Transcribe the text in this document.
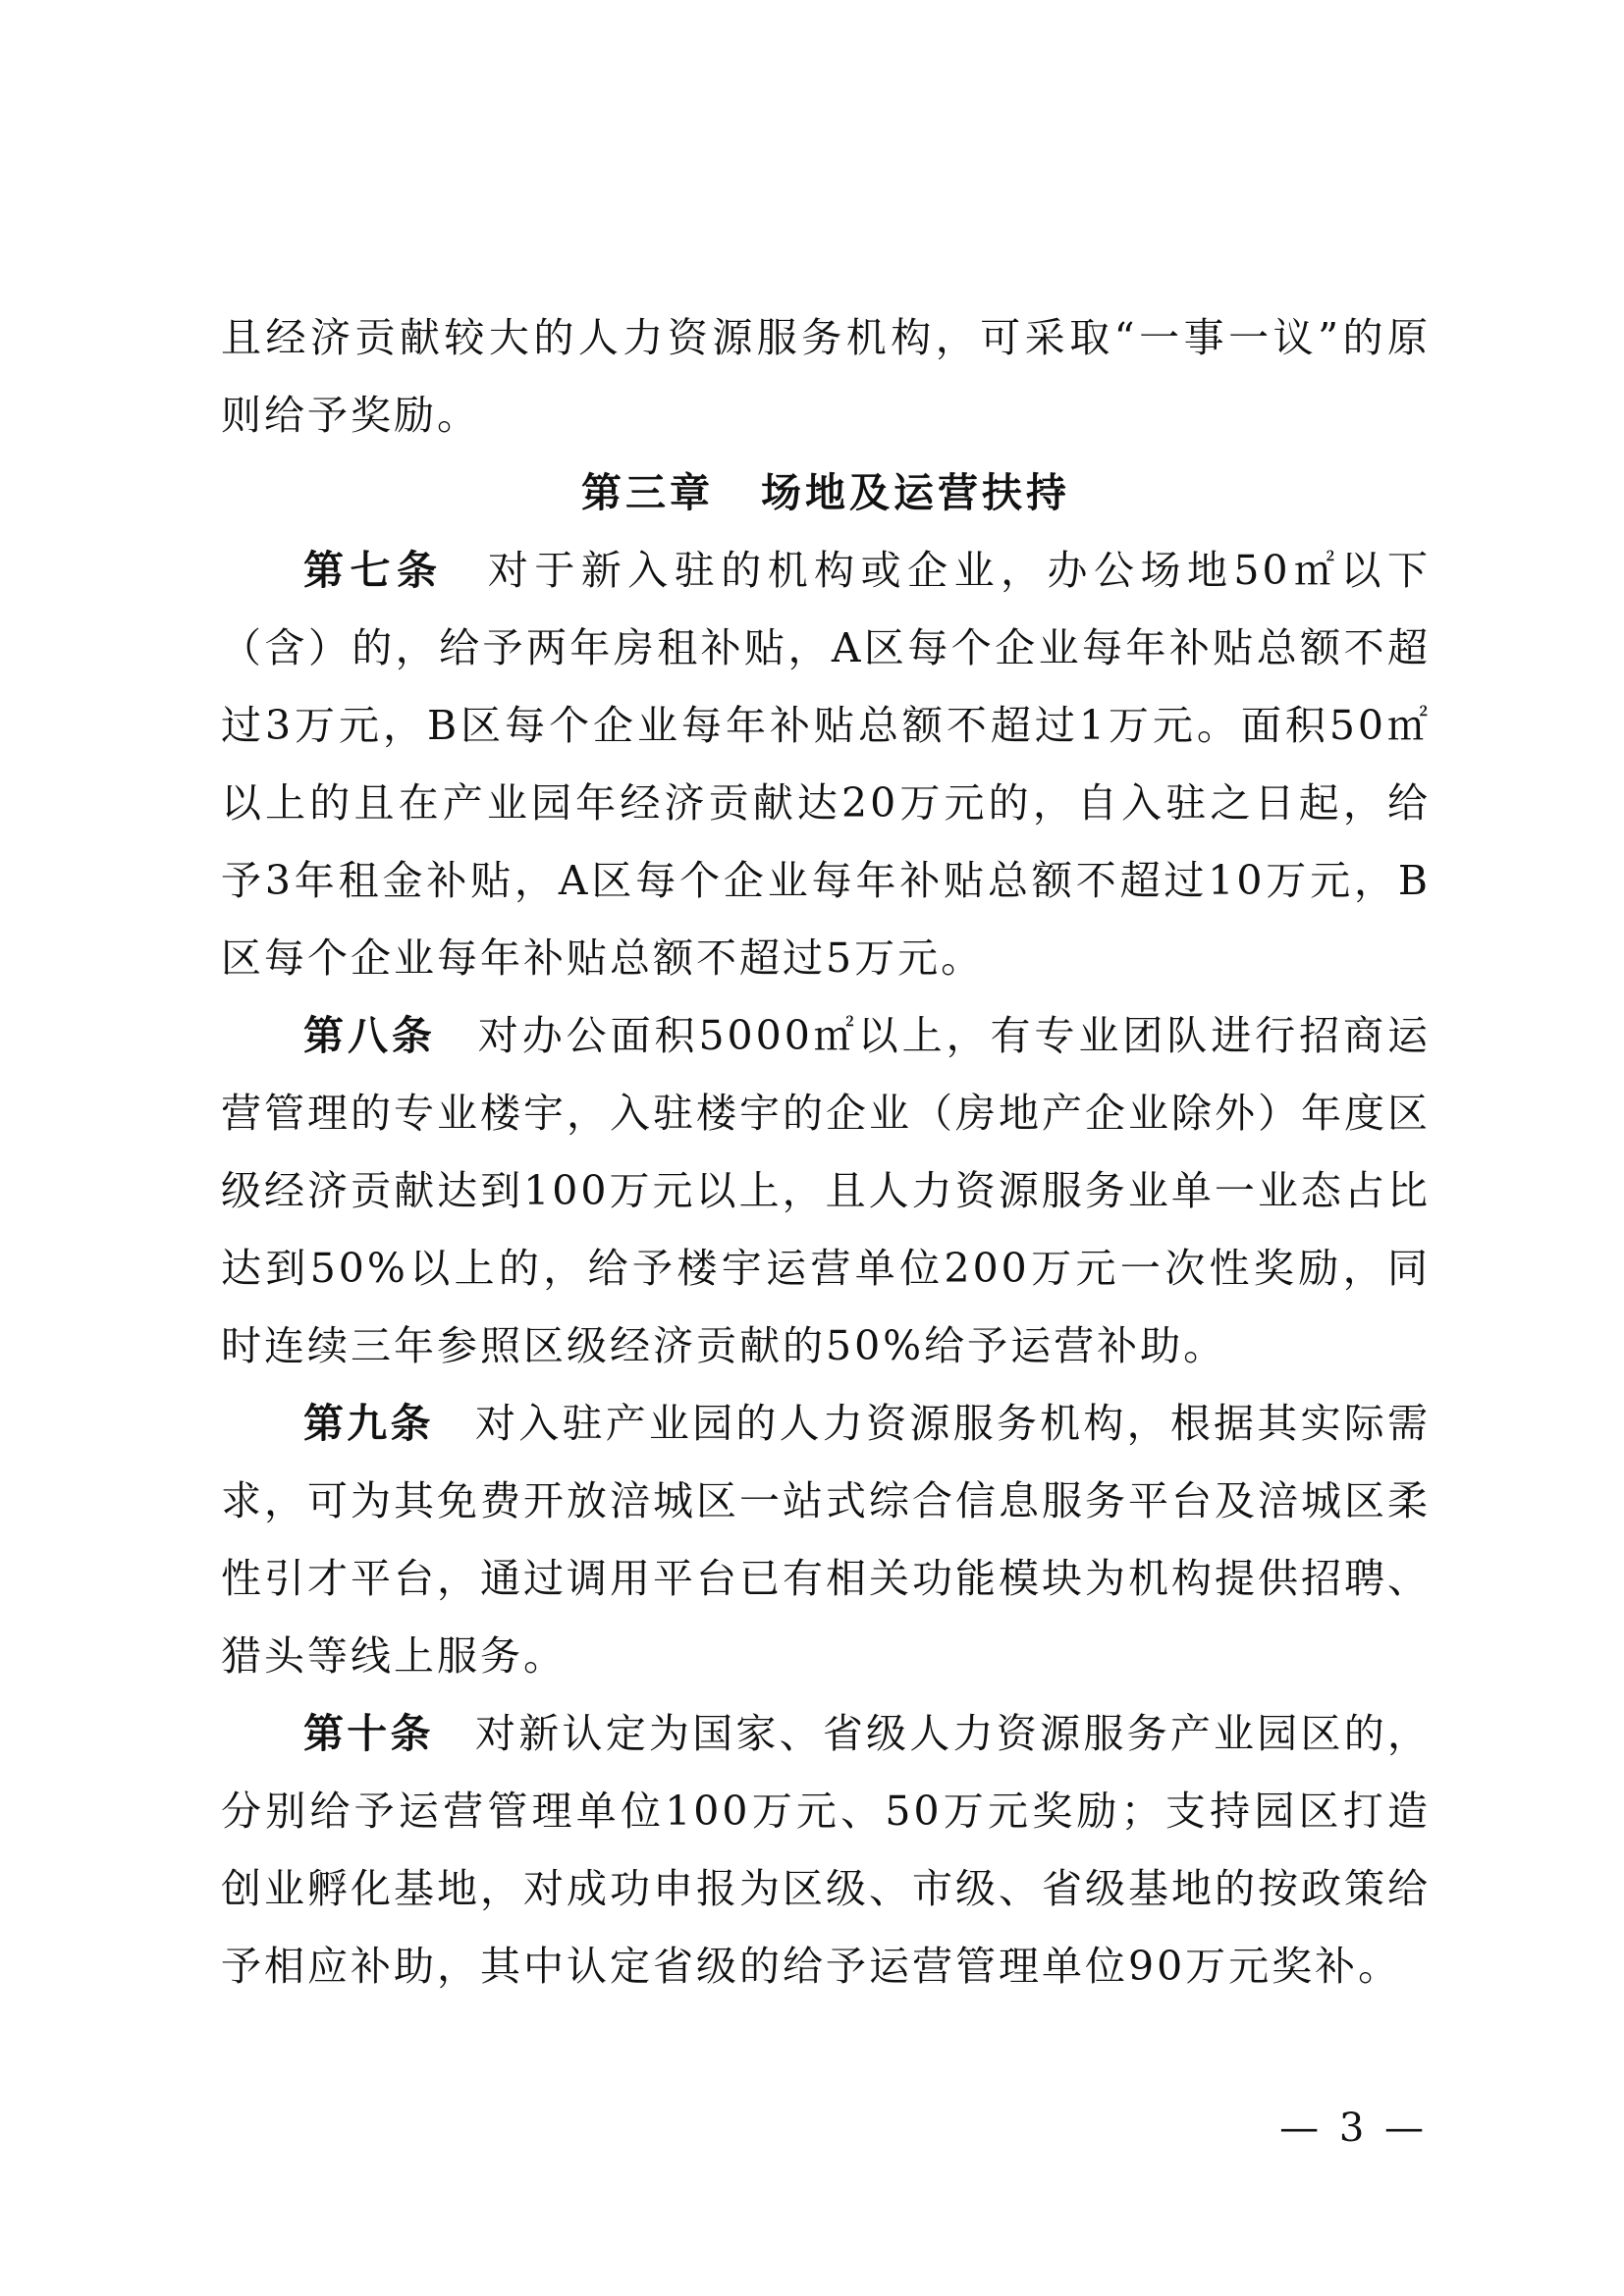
且经济贡献较大的人力资源服务机构，可采取“一事一议”的原则给予奖励。

第三章 场地及运营扶持

第七条 对于新入驻的机构或企业，办公场地50㎡以下（含）的，给予两年房租补贴，A区每个企业每年补贴总额不超过3万元，B区每个企业每年补贴总额不超过1万元。面积50㎡以上的且在产业园年经济贡献达20万元的，自入驻之日起，给予3年租金补贴，A区每个企业每年补贴总额不超过10万元，B区每个企业每年补贴总额不超过5万元。

第八条 对办公面积5000㎡以上，有专业团队进行招商运营管理的专业楼宇，入驻楼宇的企业（房地产企业除外）年度区级经济贡献达到100万元以上，且人力资源服务业单一业态占比达到50%以上的，给予楼宇运营单位200万元一次性奖励，同时连续三年参照区级经济贡献的50%给予运营补助。

第九条 对入驻产业园的人力资源服务机构，根据其实际需求，可为其免费开放涪城区一站式综合信息服务平台及涪城区柔性引才平台，通过调用平台已有相关功能模块为机构提供招聘、猎头等线上服务。

第十条 对新认定为国家、省级人力资源服务产业园区的，分别给予运营管理单位100万元、50万元奖励；支持园区打造创业孵化基地，对成功申报为区级、市级、省级基地的按政策给予相应补助，其中认定省级的给予运营管理单位90万元奖补。

— 3 —
